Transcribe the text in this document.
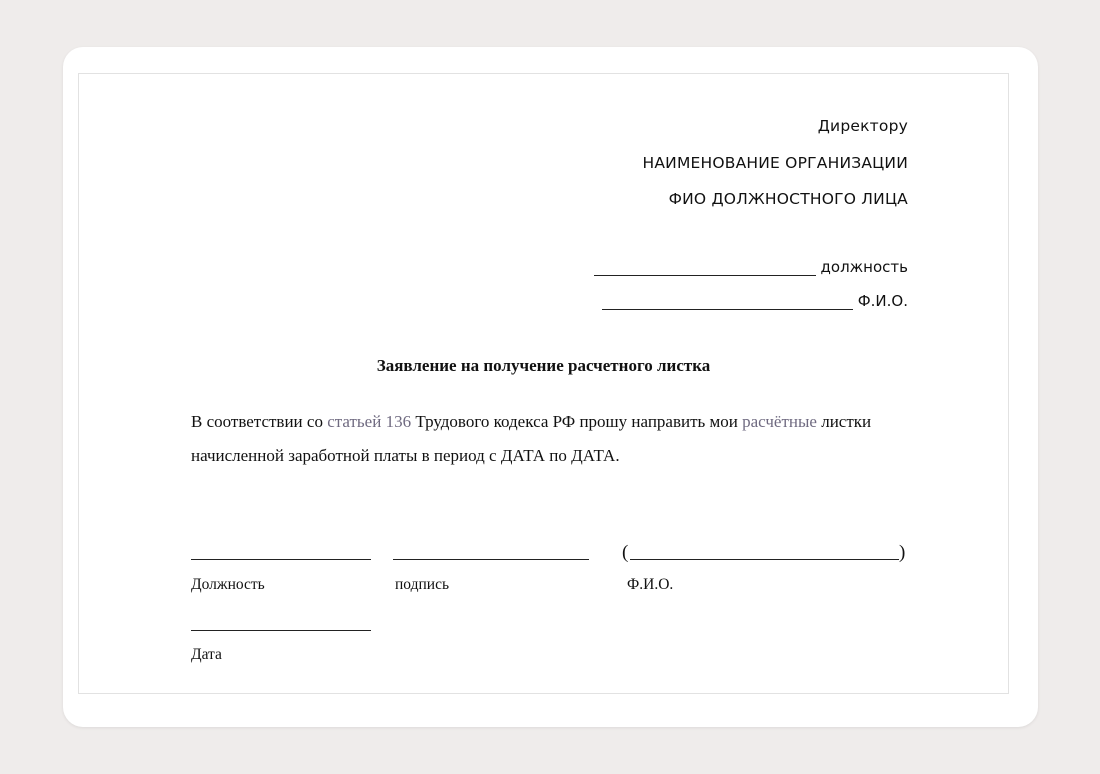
Директору
НАИМЕНОВАНИЕ ОРГАНИЗАЦИИ
ФИО ДОЛЖНОСТНОГО ЛИЦА
должность
Ф.И.О.
Заявление на получение расчетного листка
В соответствии со статьей 136 Трудового кодекса РФ прошу направить мои расчётные листки
начисленной заработной платы в период с ДАТА по ДАТА.
(	)
Должность	подпись	Ф.И.О.
Дата
